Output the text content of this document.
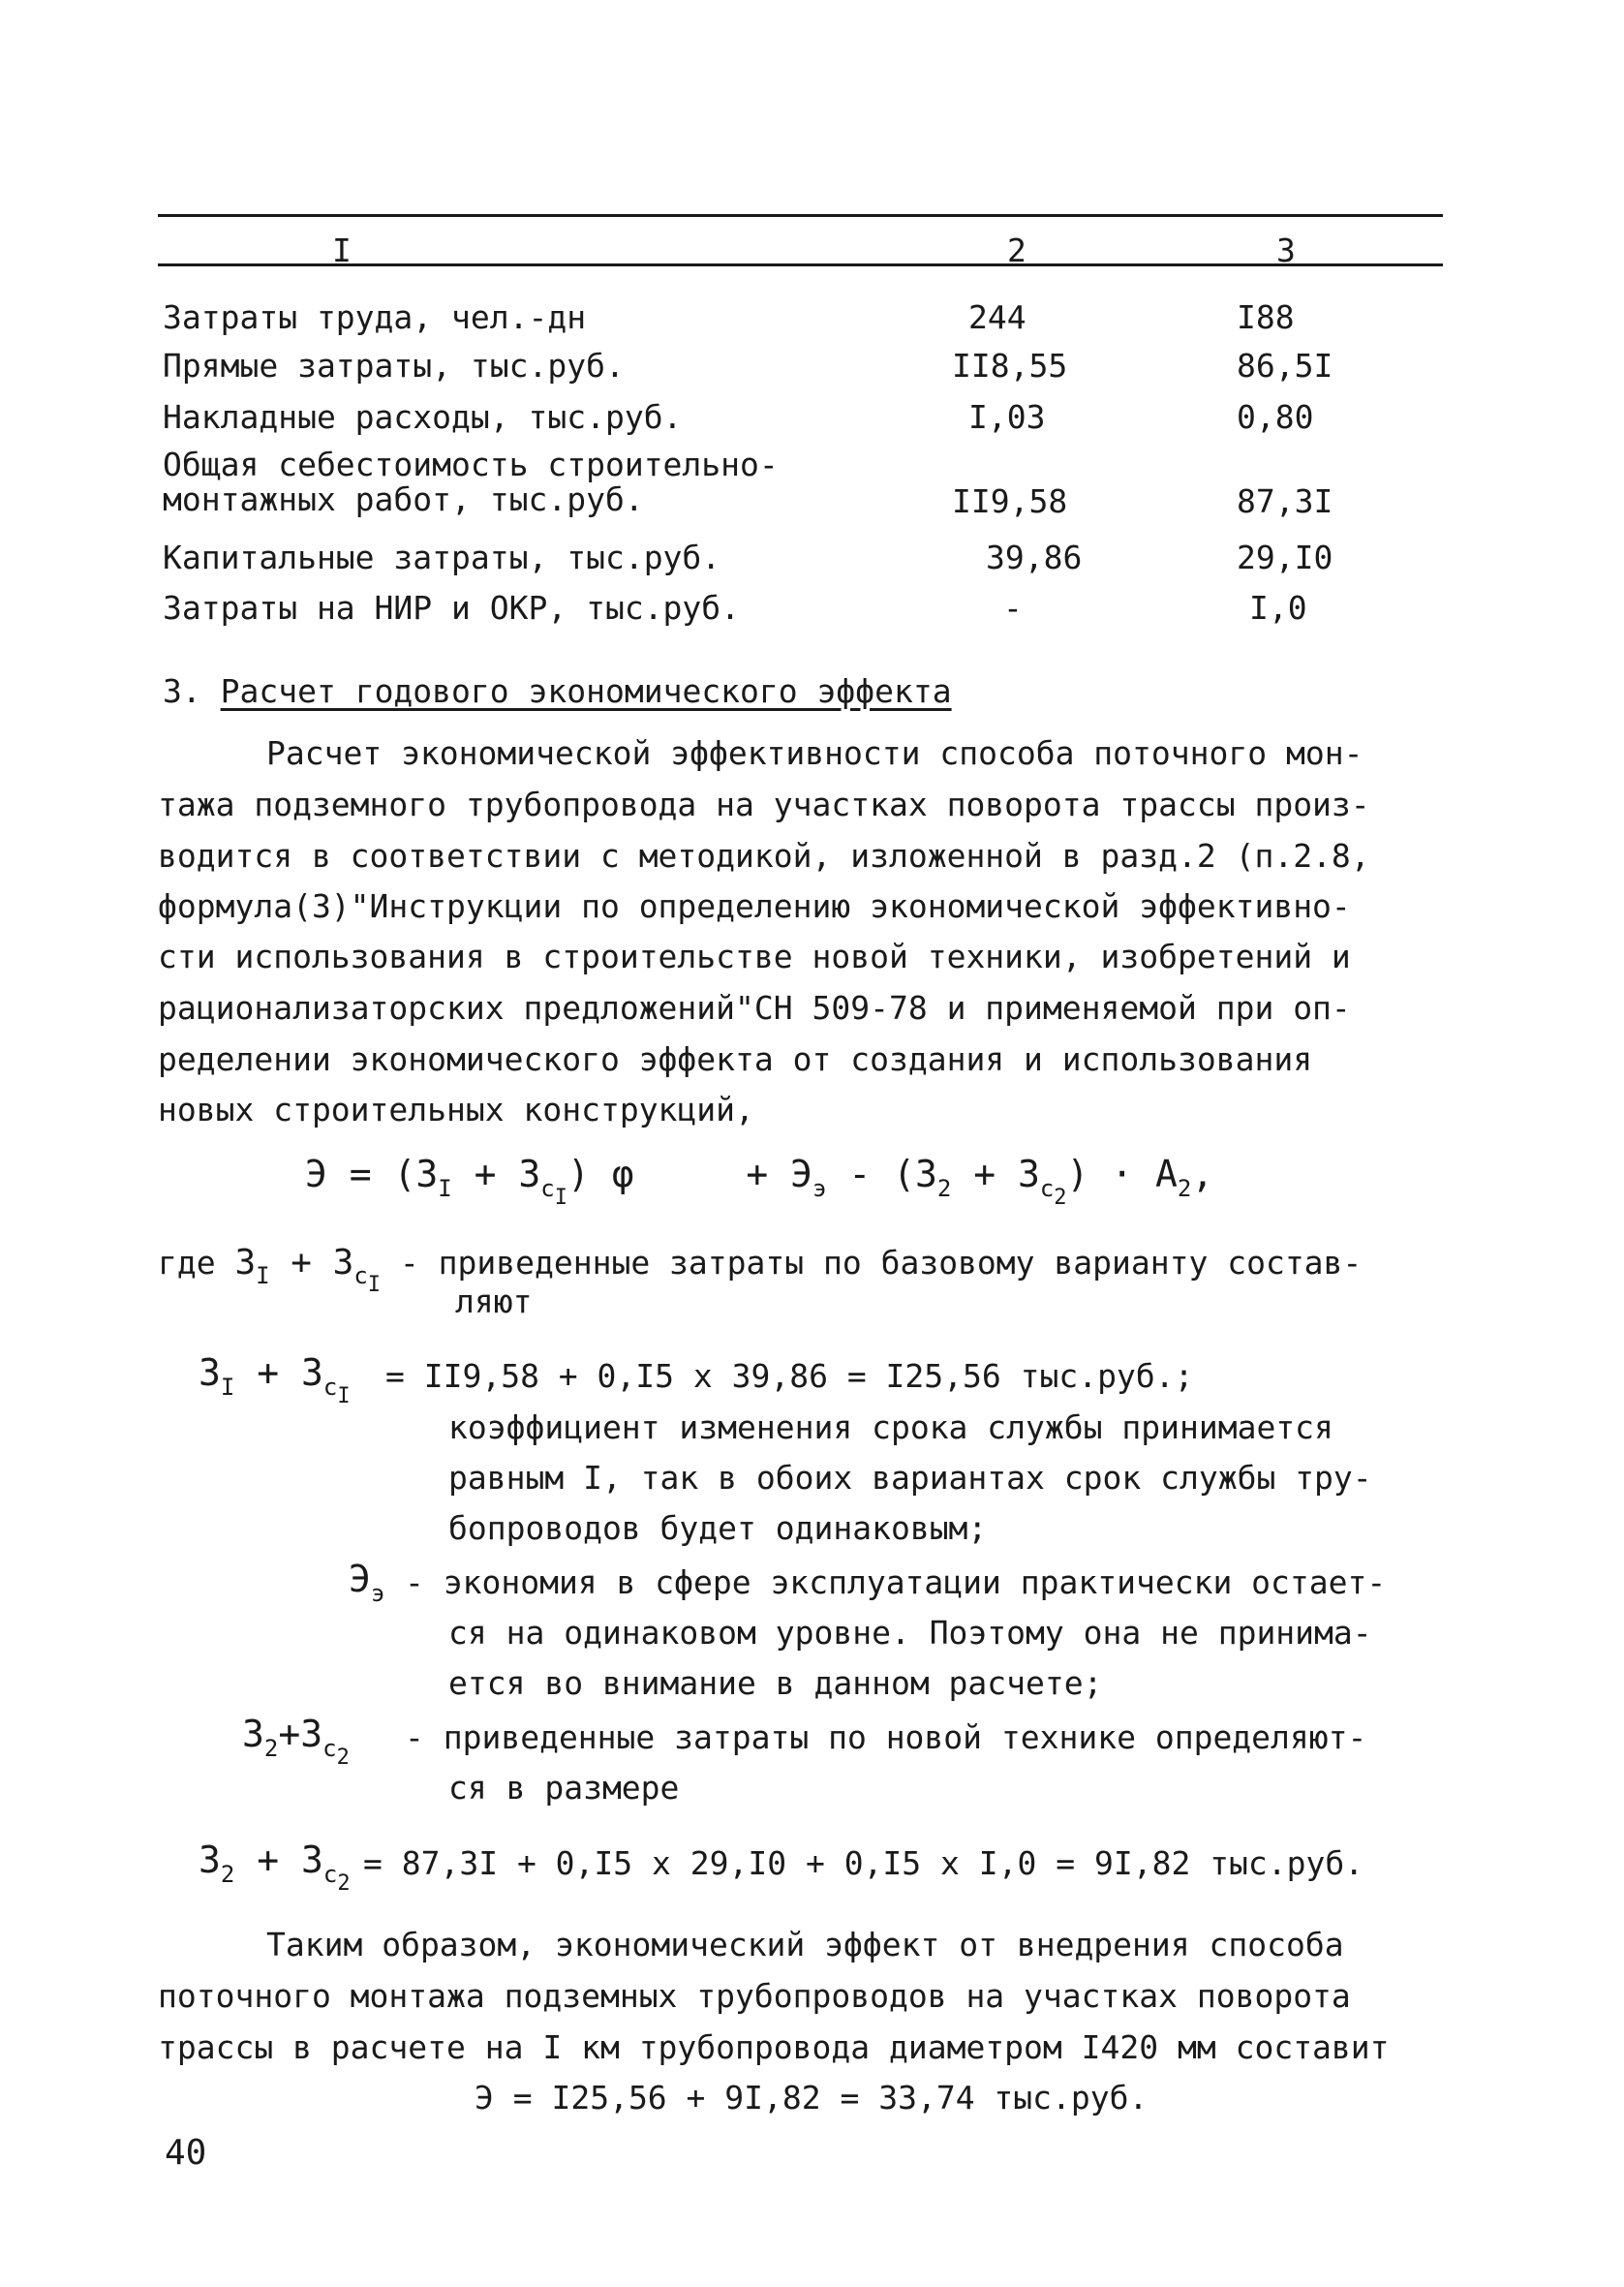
I	2	3
Затраты труда, чел.-дн	244	I88
Прямые затраты, тыс.руб.	II8,55	86,5I
Накладные расходы, тыс.руб.	I,03	0,80
Общая себестоимость строительно-
монтажных работ, тыс.руб.	II9,58	87,3I
Капитальные затраты, тыс.руб.	39,86	29,I0
Затраты на НИР и ОКР, тыс.руб.	-	I,0
3. Расчет годового экономического эффекта
Расчет экономической эффективности способа поточного мон-
тажа подземного трубопровода на участках поворота трассы произ-
водится в соответствии с методикой, изложенной в разд.2 (п.2.8,
формула(3)"Инструкции по определению экономической эффективно-
сти использования в строительстве новой техники, изобретений и
рационализаторских предложений"СН 509-78 и применяемой при оп-
ределении экономического эффекта от создания и использования
новых строительных конструкций,
$Э = (З_I + З_{сI})$ φ	+ $Э_э - (З_2 + З_{с2}) \cdot A_2$,
где $З_I + З_{сI}$ - приведенные затраты по базовому варианту состав-
ляют
$З_I + З_{сI}$
= II9,58 + 0,I5 x 39,86 = I25,56 тыс.руб.;
коэффициент изменения срока службы принимается
равным I, так в обоих вариантах срок службы тру-
бопроводов будет одинаковым;
$Э_э$ - экономия в сфере эксплуатации практически остает-
ся на одинаковом уровне. Поэтому она не принима-
ется во внимание в данном расчете;
$З_2+З_{с2}$
- приведенные затраты по новой технике определяют-
ся в размере
$З_2 + З_{с2}$
= 87,3I + 0,I5 x 29,I0 + 0,I5 x I,0 = 9I,82 тыс.руб.
Таким образом, экономический эффект от внедрения способа
поточного монтажа подземных трубопроводов на участках поворота
трассы в расчете на I км трубопровода диаметром I420 мм составит
Э = I25,56 + 9I,82 = 33,74 тыс.руб.
40
